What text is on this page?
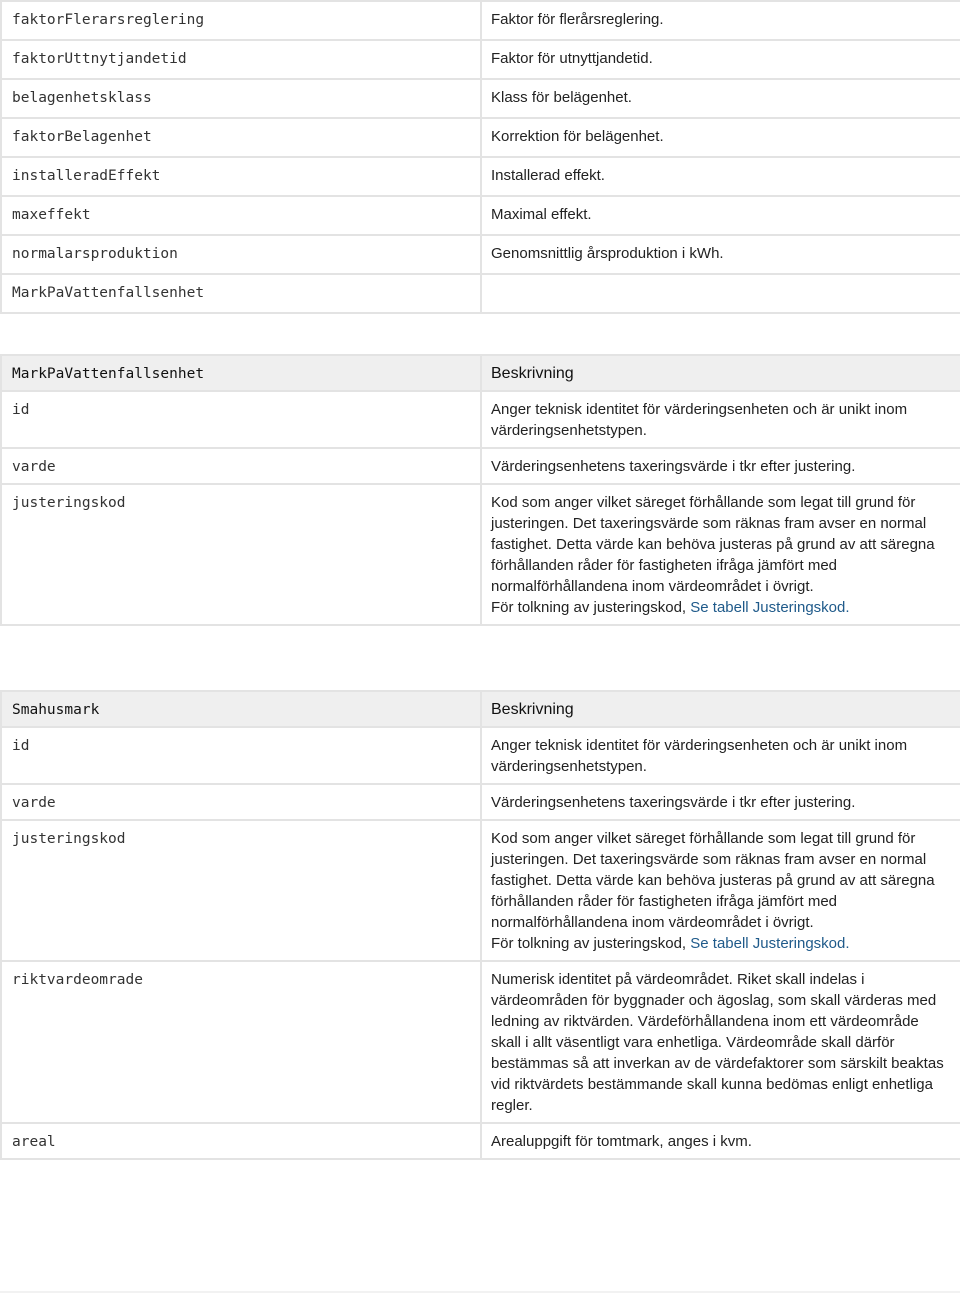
faktorFlerarsreglering	Faktor för flerårsreglering.
faktorUttnytjandetid	Faktor för utnyttjandetid.
belagenhetsklass	Klass för belägenhet.
faktorBelagenhet	Korrektion för belägenhet.
installeradEffekt	Installerad effekt.
maxeffekt	Maximal effekt.
normalarsproduktion	Genomsnittlig årsproduktion i kWh.
MarkPaVattenfallsenhet	
MarkPaVattenfallsenhet	Beskrivning
id	Anger teknisk identitet för värderingsenheten och är unikt inom värderingsenhetstypen.
varde	Värderingsenhetens taxeringsvärde i tkr efter justering.
justeringskod	Kod som anger vilket säreget förhållande som legat till grund för justeringen. Det taxeringsvärde som räknas fram avser en normal fastighet. Detta värde kan behöva justeras på grund av att säregna förhållanden råder för fastigheten ifråga jämfört med normalförhållandena inom värdeområdet i övrigt.
För tolkning av justeringskod, Se tabell Justeringskod.
Smahusmark	Beskrivning
id	Anger teknisk identitet för värderingsenheten och är unikt inom värderingsenhetstypen.
varde	Värderingsenhetens taxeringsvärde i tkr efter justering.
justeringskod	Kod som anger vilket säreget förhållande som legat till grund för justeringen. Det taxeringsvärde som räknas fram avser en normal fastighet. Detta värde kan behöva justeras på grund av att säregna förhållanden råder för fastigheten ifråga jämfört med normalförhållandena inom värdeområdet i övrigt.
För tolkning av justeringskod, Se tabell Justeringskod.
riktvardeomrade	Numerisk identitet på värdeområdet. Riket skall indelas i värdeområden för byggnader och ägoslag, som skall värderas med ledning av riktvärden. Värdeförhållandena inom ett värdeområde skall i allt väsentligt vara enhetliga. Värdeområde skall därför bestämmas så att inverkan av de värdefaktorer som särskilt beaktas vid riktvärdets bestämmande skall kunna bedömas enligt enhetliga regler.
areal	Arealuppgift för tomtmark, anges i kvm.
